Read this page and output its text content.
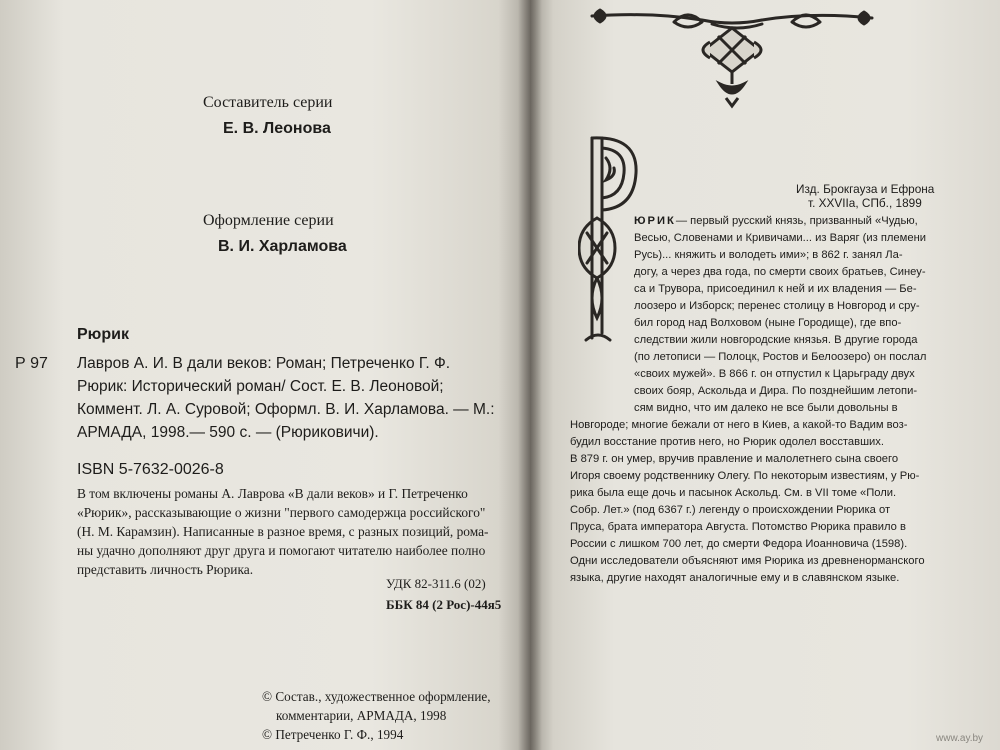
Составитель серии
Е. В. Леонова
Оформление серии
В. И. Харламова
Рюрик
Р 97 Лавров А. И. В дали веков: Роман; Петреченко Г. Ф.
Рюрик: Исторический роман/ Сост. Е. В. Леоновой;
Коммент. Л. А. Суровой; Оформл. В. И. Харламова. — М.:
АРМАДА, 1998.— 590 с. — (Рюриковичи).
ISBN 5-7632-0026-8
В том включены романы А. Лаврова «В дали веков» и Г. Петреченко
«Рюрик», рассказывающие о жизни "первого самодержца российского"
(Н. М. Карамзин). Написанные в разное время, с разных позиций, рома-
ны удачно дополняют друг друга и помогают читателю наиболее полно
представить личность Рюрика.
УДК 82-311.6 (02)
ББК 84 (2 Рос)-44я5
© Состав., художественное оформление,
комментарии, АРМАДА, 1998
© Петреченко Г. Ф., 1994
Изд. Брокгауза и Ефрона
т. XXVIIа, СПб., 1899
ЮРИК— первый русский князь, призванный «Чудью,
Весью, Словенами и Кривичами... из Варяг (из племени
Русь)... княжить и володеть ими»; в 862 г. занял Ла-
догу, а через два года, по смерти своих братьев, Синеу-
са и Трувора, присоединил к ней и их владения — Бе-
лоозеро и Изборск; перенес столицу в Новгород и сру-
бил город над Волховом (ныне Городище), где впо-
следствии жили новгородские князья. В другие города
(по летописи — Полоцк, Ростов и Белоозеро) он послал
«своих мужей». В 866 г. он отпустил к Царьграду двух
своих бояр, Аскольда и Дира. По позднейшим летопи-
сям видно, что им далеко не все были довольны в
Новгороде; многие бежали от него в Киев, а какой-то Вадим воз-
будил восстание против него, но Рюрик одолел восставших.
В 879 г. он умер, вручив правление и малолетнего сына своего
Игоря своему родственнику Олегу. По некоторым известиям, у Рю-
рика была еще дочь и пасынок Аскольд. См. в VII томе «Поли.
Собр. Лет.» (под 6367 г.) легенду о происхождении Рюрика от
Пруса, брата императора Августа. Потомство Рюрика правило в
России с лишком 700 лет, до смерти Федора Иоанновича (1598).
Одни исследователи объясняют имя Рюрика из древненорманского
языка, другие находят аналогичные ему и в славянском языке.
www.ay.by
